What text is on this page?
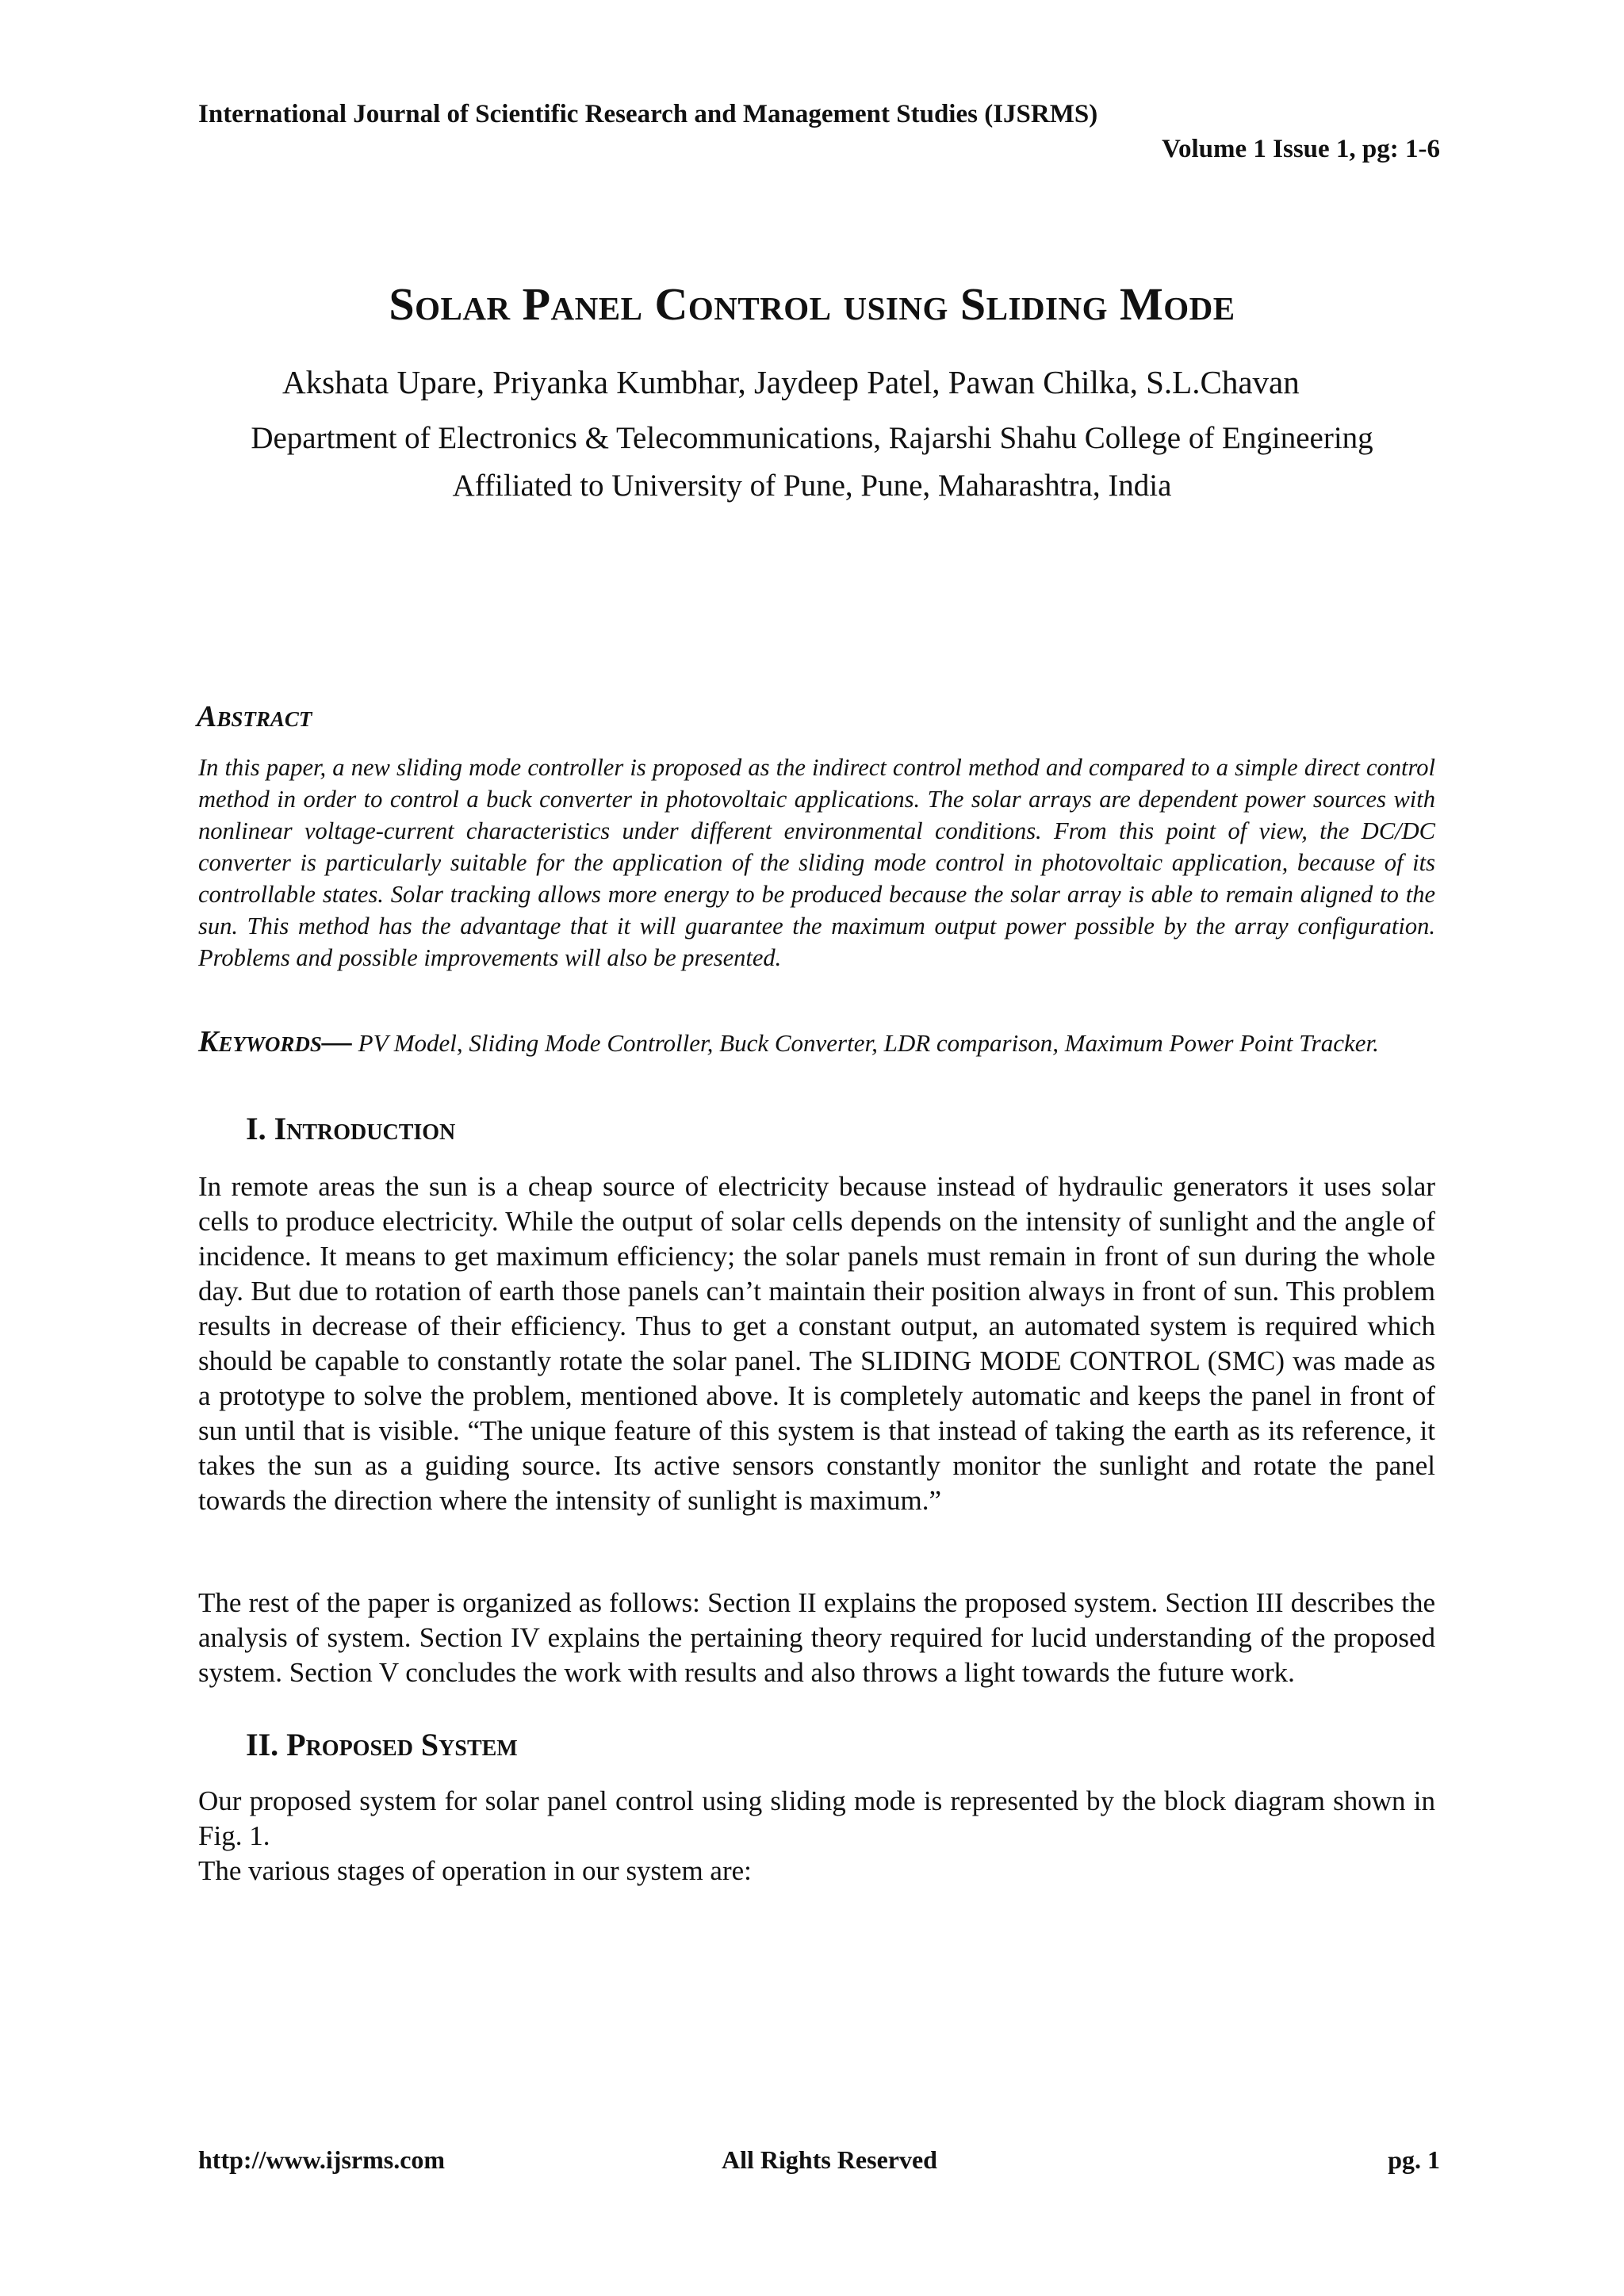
International Journal of Scientific Research and Management Studies (IJSRMS)
Volume 1 Issue 1, pg: 1-6
Solar Panel Control using Sliding Mode
Akshata Upare, Priyanka Kumbhar, Jaydeep Patel, Pawan Chilka, S.L.Chavan
Department of Electronics & Telecommunications, Rajarshi Shahu College of Engineering
Affiliated to University of Pune, Pune, Maharashtra, India
Abstract
In this paper, a new sliding mode controller is proposed as the indirect control method and compared to a simple direct control method in order to control a buck converter in photovoltaic applications. The solar arrays are dependent power sources with nonlinear voltage-current characteristics under different environmental conditions. From this point of view, the DC/DC converter is particularly suitable for the application of the sliding mode control in photovoltaic application, because of its controllable states. Solar tracking allows more energy to be produced because the solar array is able to remain aligned to the sun. This method has the advantage that it will guarantee the maximum output power possible by the array configuration. Problems and possible improvements will also be presented.
Keywords— PV Model, Sliding Mode Controller, Buck Converter, LDR comparison, Maximum Power Point Tracker.
I. Introduction
In remote areas the sun is a cheap source of electricity because instead of hydraulic generators it uses solar cells to produce electricity. While the output of solar cells depends on the intensity of sunlight and the angle of incidence. It means to get maximum efficiency; the solar panels must remain in front of sun during the whole day. But due to rotation of earth those panels can’t maintain their position always in front of sun. This problem results in decrease of their efficiency. Thus to get a constant output, an automated system is required which should be capable to constantly rotate the solar panel. The SLIDING MODE CONTROL (SMC) was made as a prototype to solve the problem, mentioned above. It is completely automatic and keeps the panel in front of sun until that is visible. “The unique feature of this system is that instead of taking the earth as its reference, it takes the sun as a guiding source. Its active sensors constantly monitor the sunlight and rotate the panel towards the direction where the intensity of sunlight is maximum.”
The rest of the paper is organized as follows: Section II explains the proposed system. Section III describes the analysis of system. Section IV explains the pertaining theory required for lucid understanding of the proposed system. Section V concludes the work with results and also throws a light towards the future work.
II. Proposed System
Our proposed system for solar panel control using sliding mode is represented by the block diagram shown in Fig. 1.
The various stages of operation in our system are:
http://www.ijsrms.com	All Rights Reserved	pg. 1
